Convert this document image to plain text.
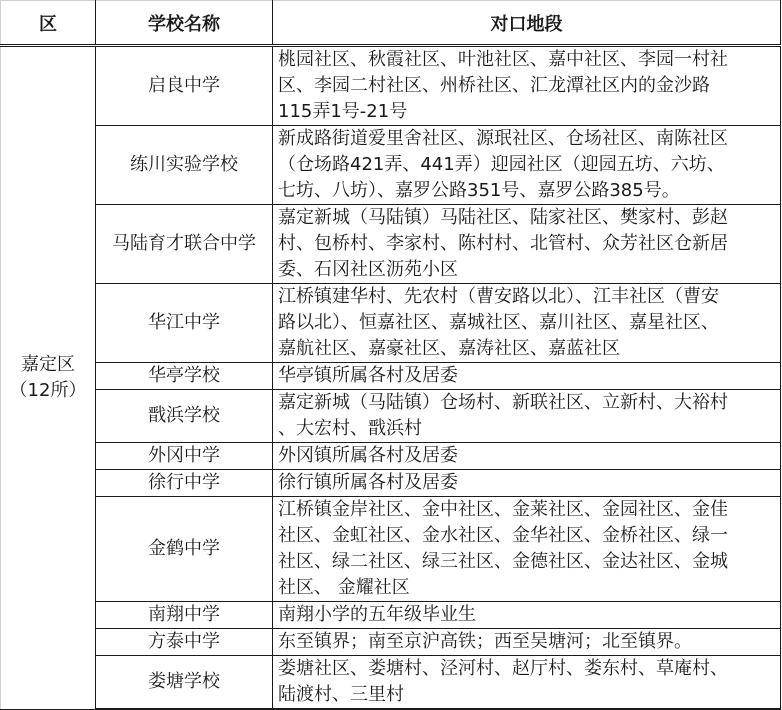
区	学校名称	对口地段

嘉定区
（12所）	启良中学	桃园社区、秋霞社区、叶池社区、嘉中社区、李园一村社
区、李园二村社区、州桥社区、汇龙潭社区内的金沙路
115弄1号-21号

	练川实验学校	新成路街道爱里舍社区、源珉社区、仓场社区、南陈社区
（仓场路421弄、441弄）迎园社区（迎园五坊、六坊、
七坊、八坊）、嘉罗公路351号、嘉罗公路385号。

	马陆育才联合中学	嘉定新城（马陆镇）马陆社区、陆家社区、樊家村、彭赵
村、包桥村、李家村、陈村村、北管村、众芳社区仓新居
委、石冈社区沥苑小区

	华江中学	江桥镇建华村、先农村（曹安路以北）、江丰社区（曹安
路以北）、恒嘉社区、嘉城社区、嘉川社区、嘉星社区、
嘉航社区、嘉豪社区、嘉涛社区、嘉蓝社区

	华亭学校	华亭镇所属各村及居委

	戬浜学校	嘉定新城（马陆镇）仓场村、新联社区、立新村、大裕村
、大宏村、戬浜村

	外冈中学	外冈镇所属各村及居委

	徐行中学	徐行镇所属各村及居委

	金鹤中学	江桥镇金岸社区、金中社区、金莱社区、金园社区、金佳
社区、金虹社区、金水社区、金华社区、金桥社区、绿一
社区、绿二社区、绿三社区、金德社区、金达社区、金城
社区、 金耀社区

	南翔中学	南翔小学的五年级毕业生

	方泰中学	东至镇界；南至京沪高铁；西至吴塘河；北至镇界。

	娄塘学校	娄塘社区、娄塘村、泾河村、赵厅村、娄东村、草庵村、
陆渡村、三里村
